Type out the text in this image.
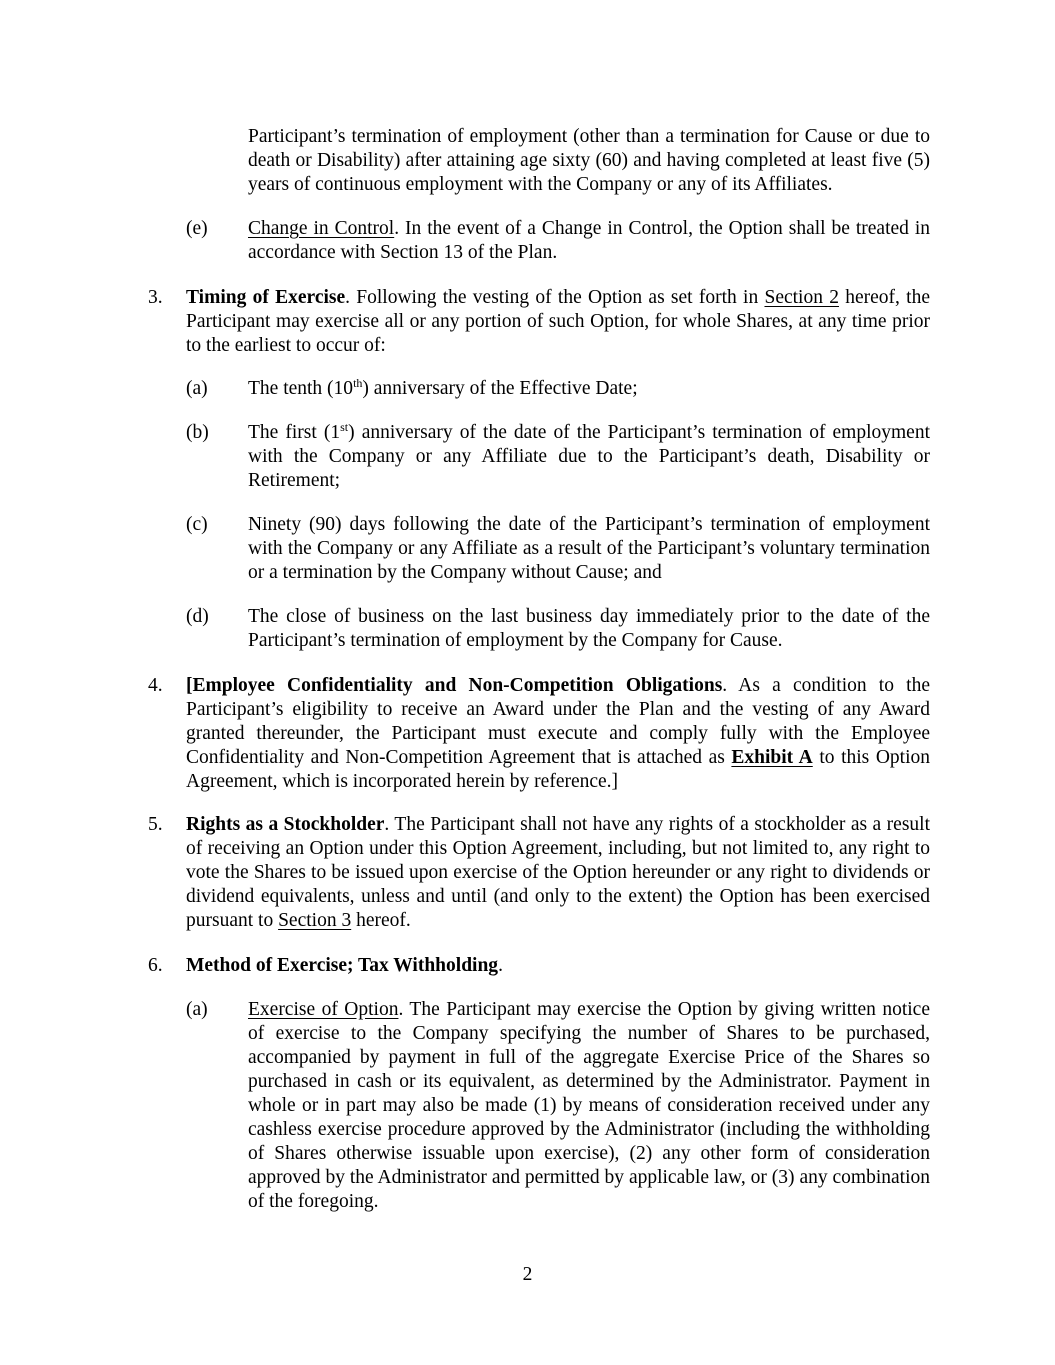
Participant’s termination of employment (other than a termination for Cause or due to death or Disability) after attaining age sixty (60) and having completed at least five (5) years of continuous employment with the Company or any of its Affiliates.
(e) Change in Control. In the event of a Change in Control, the Option shall be treated in accordance with Section 13 of the Plan.
3. Timing of Exercise. Following the vesting of the Option as set forth in Section 2 hereof, the Participant may exercise all or any portion of such Option, for whole Shares, at any time prior to the earliest to occur of:
(a) The tenth (10th) anniversary of the Effective Date;
(b) The first (1st) anniversary of the date of the Participant’s termination of employment with the Company or any Affiliate due to the Participant’s death, Disability or Retirement;
(c) Ninety (90) days following the date of the Participant’s termination of employment with the Company or any Affiliate as a result of the Participant’s voluntary termination or a termination by the Company without Cause; and
(d) The close of business on the last business day immediately prior to the date of the Participant’s termination of employment by the Company for Cause.
4. [Employee Confidentiality and Non-Competition Obligations. As a condition to the Participant’s eligibility to receive an Award under the Plan and the vesting of any Award granted thereunder, the Participant must execute and comply fully with the Employee Confidentiality and Non-Competition Agreement that is attached as Exhibit A to this Option Agreement, which is incorporated herein by reference.]
5. Rights as a Stockholder. The Participant shall not have any rights of a stockholder as a result of receiving an Option under this Option Agreement, including, but not limited to, any right to vote the Shares to be issued upon exercise of the Option hereunder or any right to dividends or dividend equivalents, unless and until (and only to the extent) the Option has been exercised pursuant to Section 3 hereof.
6. Method of Exercise; Tax Withholding.
(a) Exercise of Option. The Participant may exercise the Option by giving written notice of exercise to the Company specifying the number of Shares to be purchased, accompanied by payment in full of the aggregate Exercise Price of the Shares so purchased in cash or its equivalent, as determined by the Administrator. Payment in whole or in part may also be made (1) by means of consideration received under any cashless exercise procedure approved by the Administrator (including the withholding of Shares otherwise issuable upon exercise), (2) any other form of consideration approved by the Administrator and permitted by applicable law, or (3) any combination of the foregoing.
2
